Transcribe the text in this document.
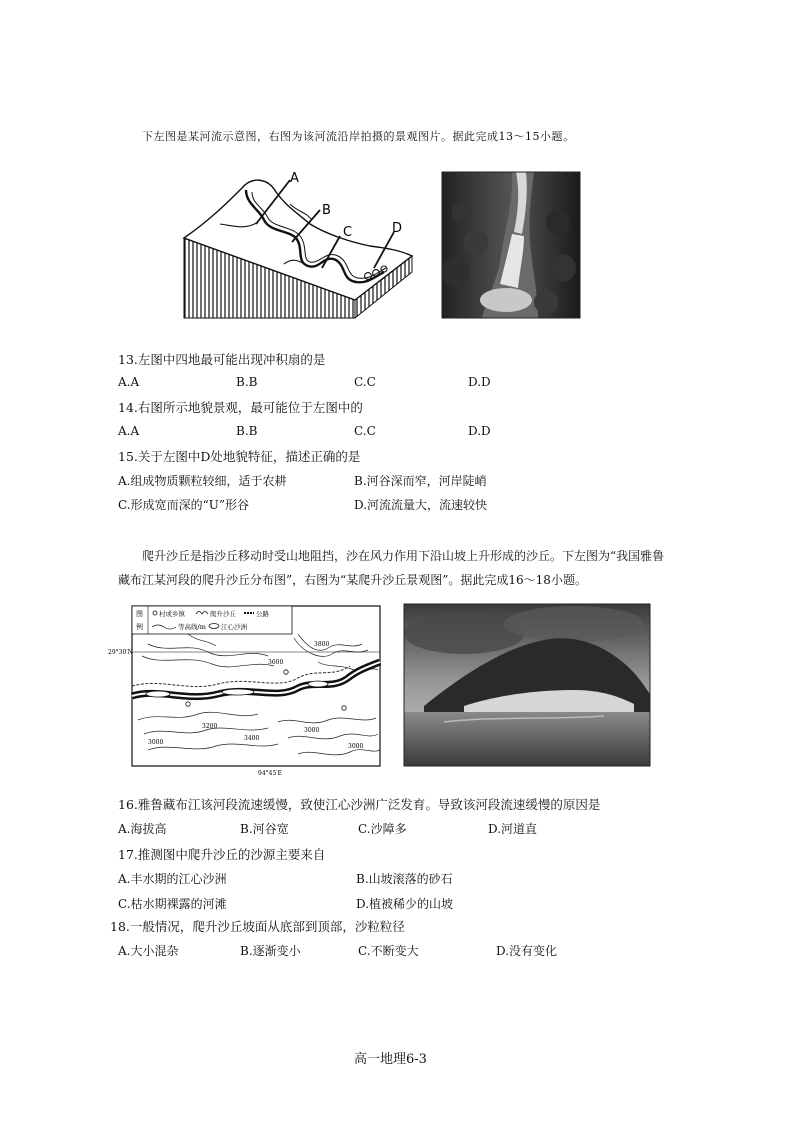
下左图是某河流示意图，右图为该河流沿岸拍摄的景观图片。据此完成13～15小题。
A
B
C	D
13.左图中四地最可能出现冲积扇的是
A.A	B.B	C.C	D.D
14.右图所示地貌景观，最可能位于左图中的
A.A	B.B	C.C	D.D
15.关于左图中D处地貌特征，描述正确的是
A.组成物质颗粒较细，适于农耕	B.河谷深而窄，河岸陡峭
C.形成宽而深的“U”形谷	D.河流流量大，流速较快
爬升沙丘是指沙丘移动时受山地阻挡，沙在风力作用下沿山坡上升形成的沙丘。下左图为“我国雅鲁
藏布江某河段的爬升沙丘分布图”，右图为“某爬升沙丘景观图”。据此完成16～18小题。
图
例
村或乡镇	爬升沙丘	公路
等高线/m 江心沙洲
29°30′N
94°45′E
3600
3800
3000
3200
3400
3000
3000
16.雅鲁藏布江该河段流速缓慢，致使江心沙洲广泛发育。导致该河段流速缓慢的原因是
A.海拔高	B.河谷宽	C.沙障多	D.河道直
17.推测图中爬升沙丘的沙源主要来自
A.丰水期的江心沙洲	B.山坡滚落的砂石
C.枯水期裸露的河滩	D.植被稀少的山坡
18.一般情况，爬升沙丘坡面从底部到顶部，沙粒粒径
A.大小混杂	B.逐渐变小	C.不断变大	D.没有变化
高一地理6-3
